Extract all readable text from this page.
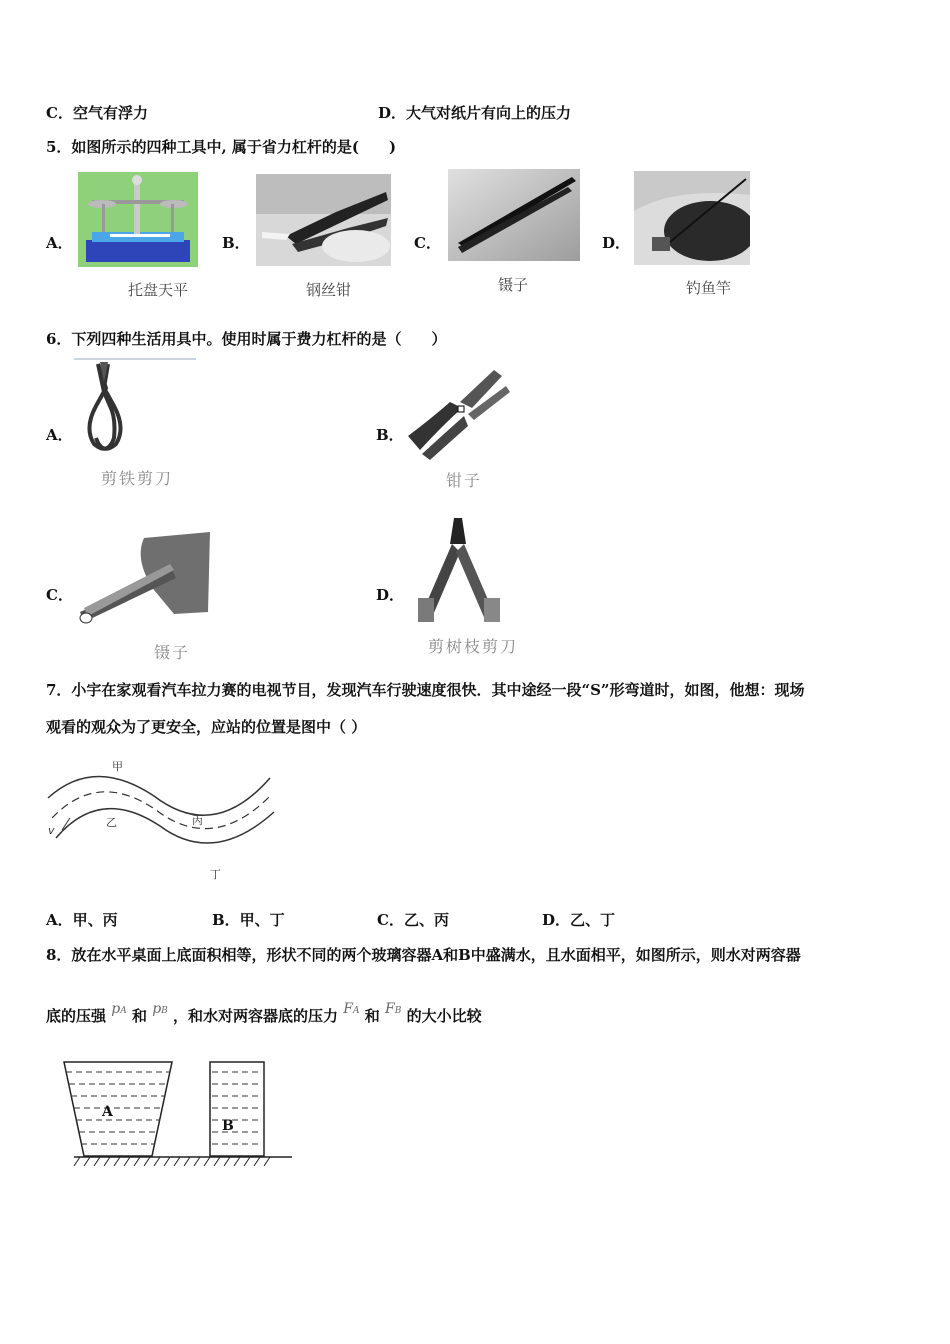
C．空气有浮力	D．大气对纸片有向上的压力
5．如图所示的四种工具中, 属于省力杠杆的是(　　)
A．
托盘天平
B．
钢丝钳
C．
镊子
D．
钓鱼竿
6．下列四种生活用具中。使用时属于费力杠杆的是（　　）
A．
剪铁剪刀
B．
钳子
C．
镊子
D．
剪树枝剪刀
7．小宇在家观看汽车拉力赛的电视节目，发现汽车行驶速度很快．其中途经一段“S”形弯道时，如图，他想：现场
观看的观众为了更安全，应站的位置是图中（ ）
甲
乙	丙
丁
v
A．甲、丙	B．甲、丁	C．乙、丙	D．乙、丁
8．放在水平桌面上底面积相等，形状不同的两个玻璃容器A和B中盛满水，且水面相平，如图所示，则水对两容器
底的压强 pA 和 pB ，和水对两容器底的压力 FA 和 FB 的大小比较
A
B
